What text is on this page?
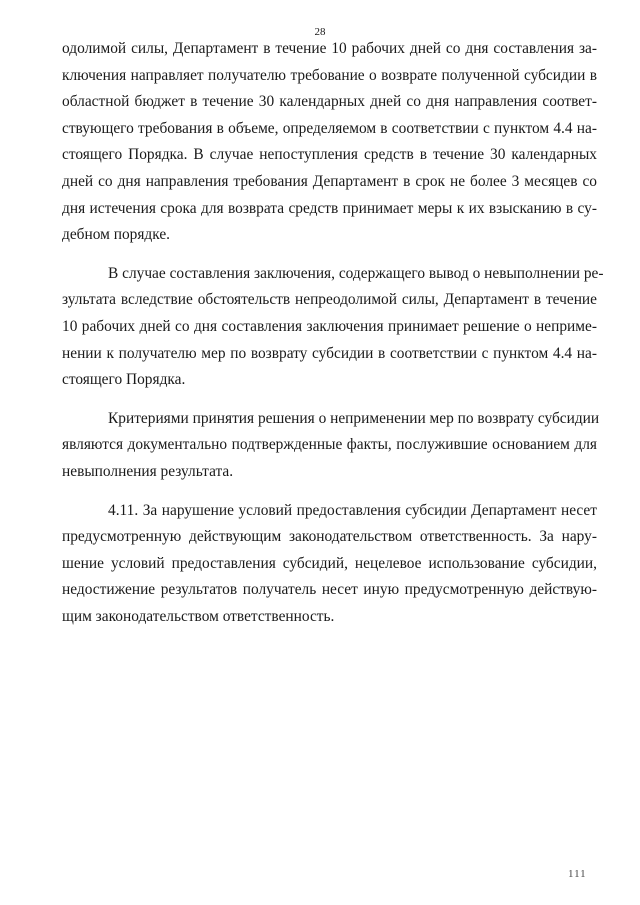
28
одолимой силы, Департамент в течение 10 рабочих дней со дня составления за-
ключения направляет получателю требование о возврате полученной субсидии в
областной бюджет в течение 30 календарных дней со дня направления соответ-
ствующего требования в объеме, определяемом в соответствии с пунктом 4.4 на-
стоящего Порядка. В случае непоступления средств в течение 30 календарных
дней со дня направления требования Департамент в срок не более 3 месяцев со
дня истечения срока для возврата средств принимает меры к их взысканию в су-
дебном порядке.
В случае составления заключения, содержащего вывод о невыполнении ре-
зультата вследствие обстоятельств непреодолимой силы, Департамент в течение
10 рабочих дней со дня составления заключения принимает решение о неприме-
нении к получателю мер по возврату субсидии в соответствии с пунктом 4.4 на-
стоящего Порядка.
Критериями принятия решения о неприменении мер по возврату субсидии
являются документально подтвержденные факты, послужившие основанием для
невыполнения результата.
4.11. За нарушение условий предоставления субсидии Департамент несет
предусмотренную действующим законодательством ответственность. За нару-
шение условий предоставления субсидий, нецелевое использование субсидии,
недостижение результатов получатель несет иную предусмотренную действую-
щим законодательством ответственность.
111
